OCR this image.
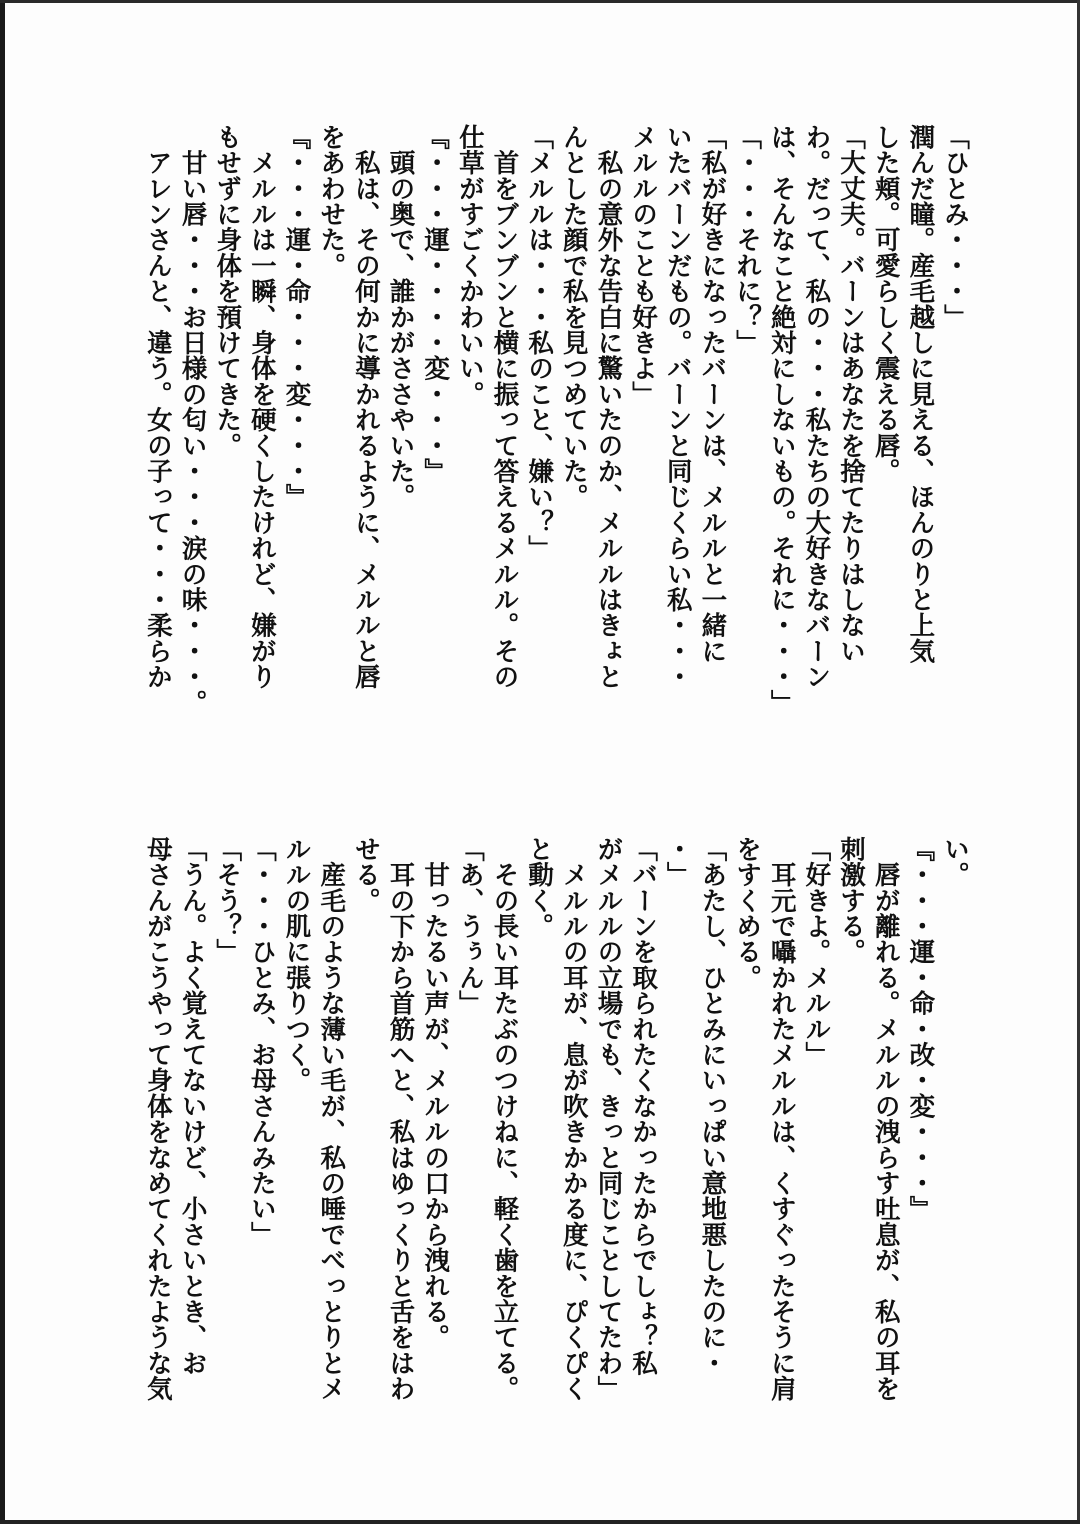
「ひとみ・・・」
潤んだ瞳。産毛越しに見える、ほんのりと上気
した頬。可愛らしく震える唇。
「大丈夫。バーンはあなたを捨てたりはしない
わ。だって、私の・・・私たちの大好きなバーン
は、そんなこと絶対にしないもの。それに・・・」
「・・・それに？」
「私が好きになったバーンは、メルルと一緒に
いたバーンだもの。バーンと同じくらい私・・・
メルルのことも好きよ」
　私の意外な告白に驚いたのか、メルルはきょと
んとした顔で私を見つめていた。
「メルルは・・・私のこと、嫌い？」
　首をブンブンと横に振って答えるメルル。その
仕草がすごくかわいい。
『・・・運・・・・変・・・』
　頭の奥で、誰かがささやいた。
　私は、その何かに導かれるように、メルルと唇
をあわせた。
『・・・運・命・・・変・・・』
　メルルは一瞬、身体を硬くしたけれど、嫌がり
もせずに身体を預けてきた。
　甘い唇・・・お日様の匂い・・・涙の味・・・。
　アレンさんと、違う。女の子って・・・柔らか
い。
『・・・運・命・改・変・・・』
　唇が離れる。メルルの洩らす吐息が、私の耳を
刺激する。
「好きよ。メルル」
　耳元で囁かれたメルルは、くすぐったそうに肩
をすくめる。
「あたし、ひとみにいっぱい意地悪したのに・
・」
「バーンを取られたくなかったからでしょ？私
がメルルの立場でも、きっと同じことしてたわ」
　メルルの耳が、息が吹きかかる度に、ぴくぴく
と動く。
　その長い耳たぶのつけねに、軽く歯を立てる。
「あ、うぅん」
　甘ったるい声が、メルルの口から洩れる。
　耳の下から首筋へと、私はゆっくりと舌をはわ
せる。
　産毛のような薄い毛が、私の唾でべっとりとメ
ルルの肌に張りつく。
「・・・ひとみ、お母さんみたい」
「そう？」
「うん。よく覚えてないけど、小さいとき、お
母さんがこうやって身体をなめてくれたような気
